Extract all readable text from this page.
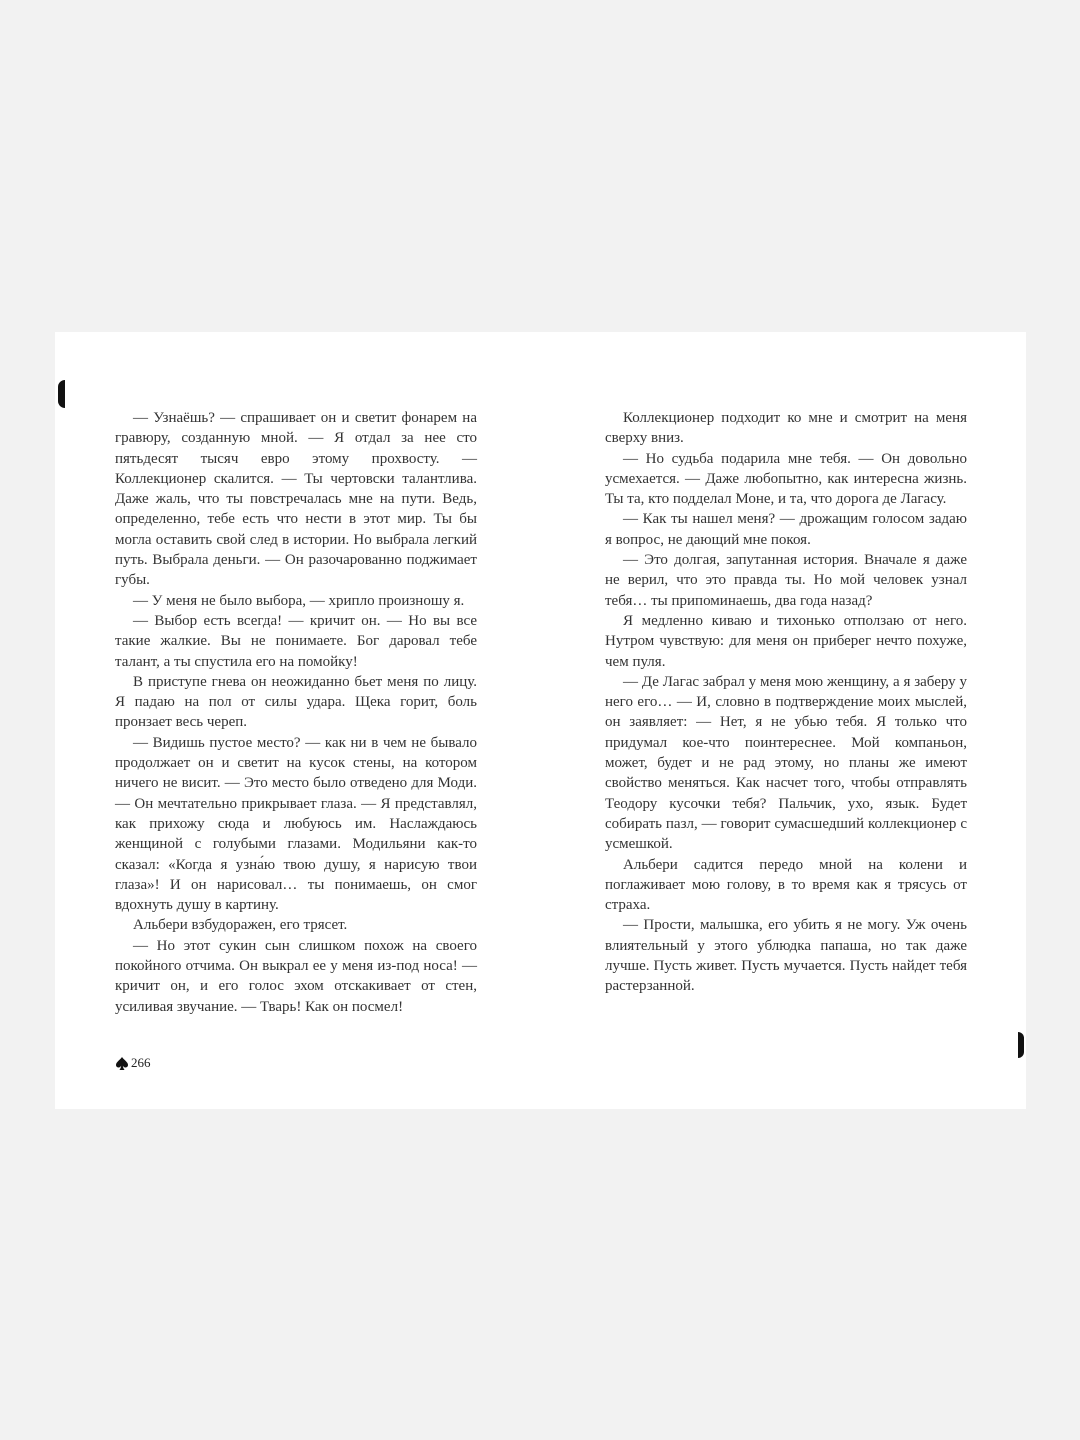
— Узнаёшь? — спрашивает он и светит фонарем на гравюру, созданную мной. — Я отдал за нее сто пятьдесят тысяч евро этому прохвосту. — Коллекционер скалится. — Ты чертовски талантлива. Даже жаль, что ты повстречалась мне на пути. Ведь, определенно, тебе есть что нести в этот мир. Ты бы могла оставить свой след в истории. Но выбрала легкий путь. Выбрала деньги. — Он разочарованно поджимает губы.

— У меня не было выбора, — хрипло произношу я.

— Выбор есть всегда! — кричит он. — Но вы все такие жалкие. Вы не понимаете. Бог даровал тебе талант, а ты спустила его на помойку!

В приступе гнева он неожиданно бьет меня по лицу. Я падаю на пол от силы удара. Щека горит, боль пронзает весь череп.

— Видишь пустое место? — как ни в чем не бывало продолжает он и светит на кусок стены, на котором ничего не висит. — Это место было отведено для Моди. — Он мечтательно прикрывает глаза. — Я представлял, как прихожу сюда и любуюсь им. Наслаждаюсь женщиной с голубыми глазами. Модильяни как-то сказал: «Когда я узна́ю твою душу, я нарисую твои глаза»! И он нарисовал… ты понимаешь, он смог вдохнуть душу в картину.

Альбери взбудоражен, его трясет.

— Но этот сукин сын слишком похож на своего покойного отчима. Он выкрал ее у меня из-под носа! — кричит он, и его голос эхом отскакивает от стен, усиливая звучание. — Тварь! Как он посмел!

Коллекционер подходит ко мне и смотрит на меня сверху вниз.

— Но судьба подарила мне тебя. — Он довольно усмехается. — Даже любопытно, как интересна жизнь. Ты та, кто подделал Моне, и та, что дорога де Лагасу.

— Как ты нашел меня? — дрожащим голосом задаю я вопрос, не дающий мне покоя.

— Это долгая, запутанная история. Вначале я даже не верил, что это правда ты. Но мой человек узнал тебя… ты припоминаешь, два года назад?

Я медленно киваю и тихонько отползаю от него. Нутром чувствую: для меня он приберег нечто похуже, чем пуля.

— Де Лагас забрал у меня мою женщину, а я заберу у него его… — И, словно в подтверждение моих мыслей, он заявляет: — Нет, я не убью тебя. Я только что придумал кое-что поинтереснее. Мой компаньон, может, будет и не рад этому, но планы же имеют свойство меняться. Как насчет того, чтобы отправлять Теодору кусочки тебя? Пальчик, ухо, язык. Будет собирать пазл, — говорит сумасшедший коллекционер с усмешкой.

Альбери садится передо мной на колени и поглаживает мою голову, в то время как я трясусь от страха.

— Прости, малышка, его убить я не могу. Уж очень влиятельный у этого ублюдка папаша, но так даже лучше. Пусть живет. Пусть мучается. Пусть найдет тебя растерзанной.

266
